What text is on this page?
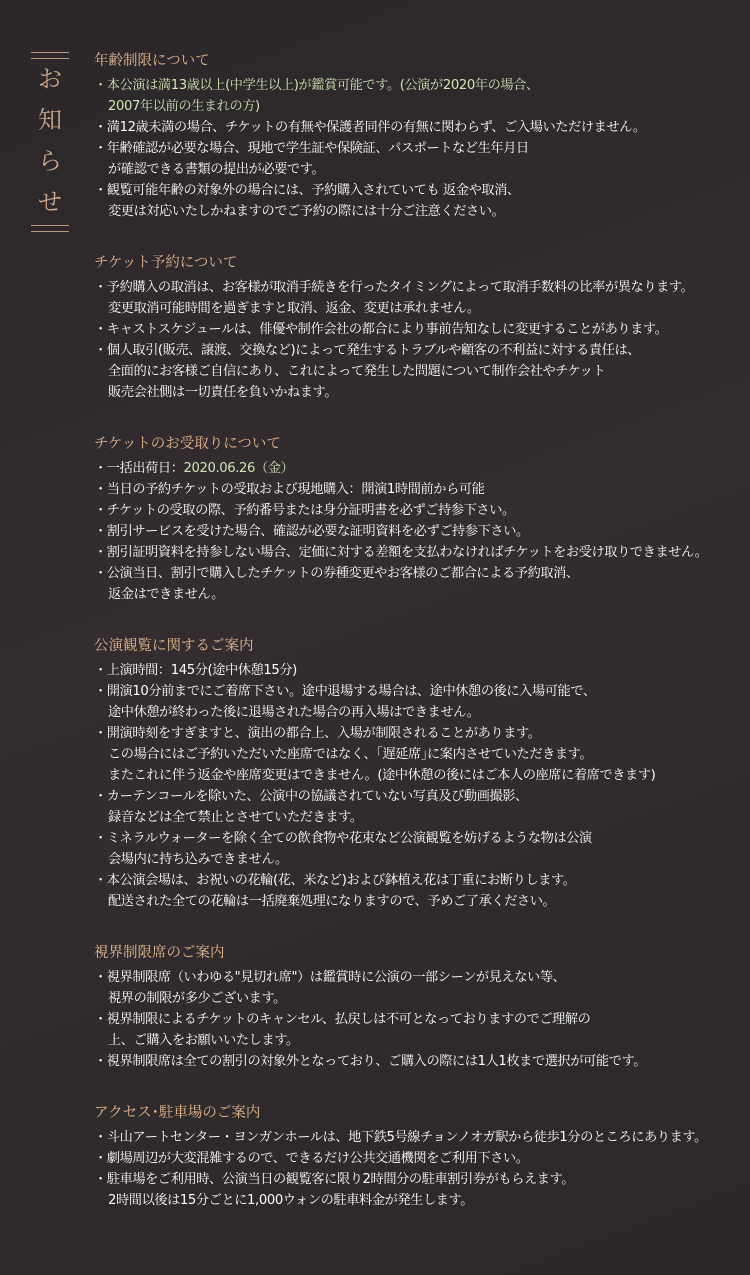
お
知
ら
せ
年齢制限について
・本公演は満13歳以上(中学生以上)が鑑賞可能です。(公演が2020年の場合、
2007年以前の生まれの方)
・満12歳未満の場合、チケットの有無や保護者同伴の有無に関わらず、ご入場いただけません。
・年齢確認が必要な場合、現地で学生証や保険証、パスポートなど生年月日
が確認できる書類の提出が必要です。
・観覧可能年齢の対象外の場合には、予約購入されていても 返金や取消、
変更は対応いたしかねますのでご予約の際には十分ご注意ください。
チケット予約について
・予約購入の取消は、お客様が取消手続きを行ったタイミングによって取消手数料の比率が異なります。
変更取消可能時間を過ぎますと取消、返金、変更は承れません。
・キャストスケジュールは、俳優や制作会社の都合により事前告知なしに変更することがあります。
・個人取引(販売、譲渡、交換など)によって発生するトラブルや顧客の不利益に対する責任は、
全面的にお客様ご自信にあり、これによって発生した問題について制作会社やチケット
販売会社側は一切責任を負いかねます。
チケットのお受取りについて
・一括出荷日：2020.06.26（金）
・当日の予約チケットの受取および現地購入：開演1時間前から可能
・チケットの受取の際、予約番号または身分証明書を必ずご持参下さい。
・割引サービスを受けた場合、確認が必要な証明資料を必ずご持参下さい。
・割引証明資料を持参しない場合、定価に対する差額を支払わなければチケットをお受け取りできません。
・公演当日、割引で購入したチケットの券種変更やお客様のご都合による予約取消、
返金はできません。
公演観覧に関するご案内
・上演時間：145分(途中休憩15分)
・開演10分前までにご着席下さい。途中退場する場合は、途中休憩の後に入場可能で、
途中休憩が終わった後に退場された場合の再入場はできません。
・開演時刻をすぎますと、演出の都合上、入場が制限されることがあります。
この場合にはご予約いただいた座席ではなく、｢遅延席｣に案内させていただきます。
またこれに伴う返金や座席変更はできません。(途中休憩の後にはご本人の座席に着席できます)
・カーテンコールを除いた、公演中の協議されていない写真及び動画撮影、
録音などは全て禁止とさせていただきます。
・ミネラルウォーターを除く全ての飲食物や花束など公演観覧を妨げるような物は公演
会場内に持ち込みできません。
・本公演会場は、お祝いの花輪(花、米など)および鉢植え花は丁重にお断りします。
配送された全ての花輪は一括廃棄処理になりますので、予めご了承ください。
視界制限席のご案内
・視界制限席（いわゆる"見切れ席"）は鑑賞時に公演の一部シーンが見えない等、
視界の制限が多少ございます。
・視界制限によるチケットのキャンセル、払戻しは不可となっておりますのでご理解の
上、ご購入をお願いいたします。
・視界制限席は全ての割引の対象外となっており、ご購入の際には1人1枚まで選択が可能です。
アクセス･駐車場のご案内
・斗山アートセンター・ヨンガンホールは、地下鉄5号線チョンノオガ駅から徒歩1分のところにあります。
・劇場周辺が大変混雑するので、できるだけ公共交通機関をご利用下さい。
・駐車場をご利用時、公演当日の観覧客に限り2時間分の駐車割引券がもらえます。
2時間以後は15分ごとに1,000ウォンの駐車料金が発生します。
